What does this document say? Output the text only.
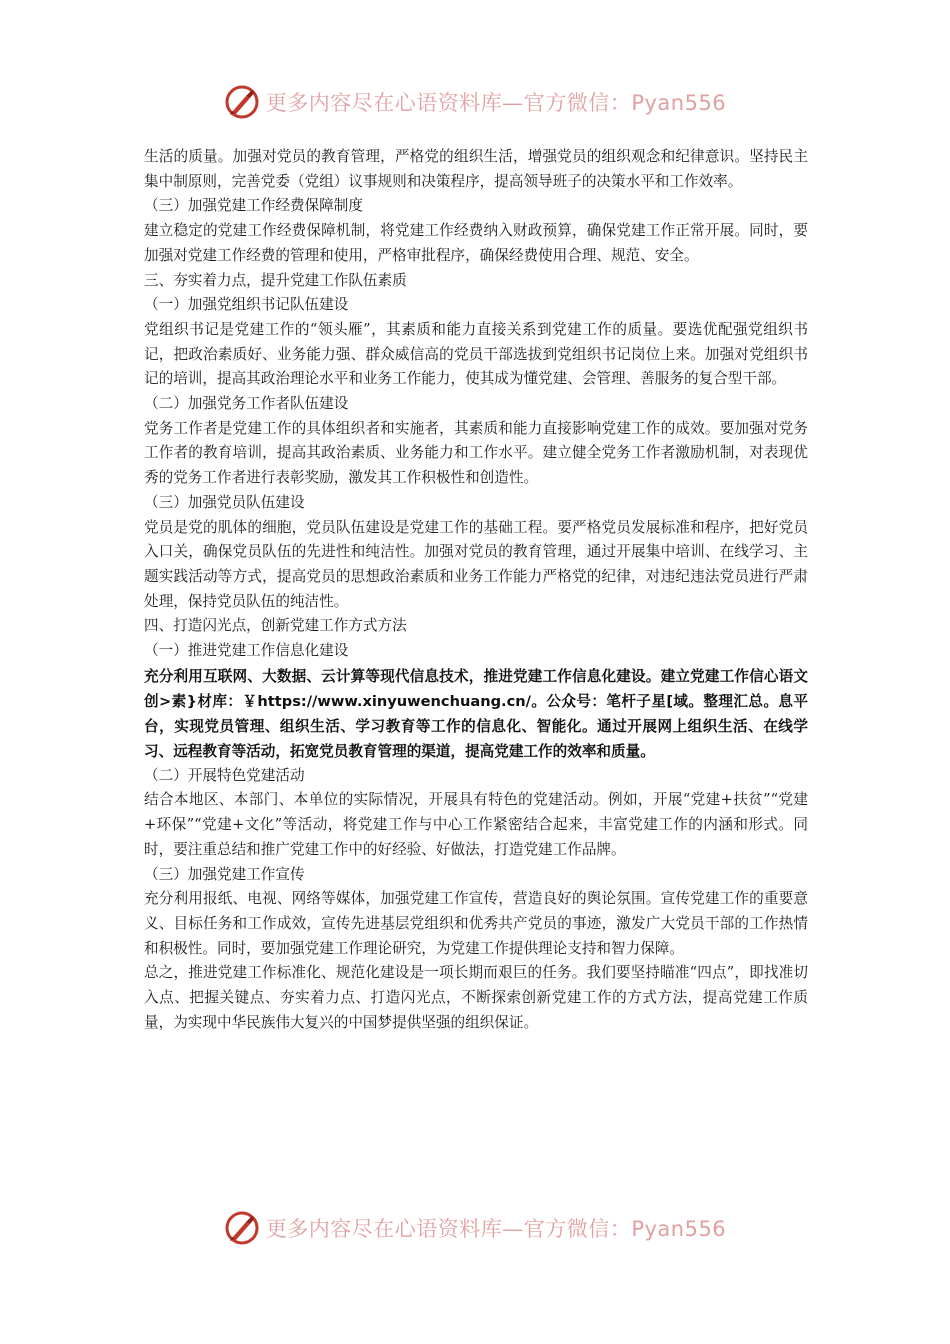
更多内容尽在心语资料库—官方微信：Pyan556

生活的质量。加强对党员的教育管理，严格党的组织生活，增强党员的组织观念和纪律意识。坚持民主集中制原则，完善党委（党组）议事规则和决策程序，提高领导班子的决策水平和工作效率。

（三）加强党建工作经费保障制度

建立稳定的党建工作经费保障机制，将党建工作经费纳入财政预算，确保党建工作正常开展。同时，要加强对党建工作经费的管理和使用，严格审批程序，确保经费使用合理、规范、安全。

三、夯实着力点，提升党建工作队伍素质

（一）加强党组织书记队伍建设

党组织书记是党建工作的“领头雁”，其素质和能力直接关系到党建工作的质量。要选优配强党组织书记，把政治素质好、业务能力强、群众威信高的党员干部选拔到党组织书记岗位上来。加强对党组织书记的培训，提高其政治理论水平和业务工作能力，使其成为懂党建、会管理、善服务的复合型干部。

（二）加强党务工作者队伍建设

党务工作者是党建工作的具体组织者和实施者，其素质和能力直接影响党建工作的成效。要加强对党务工作者的教育培训，提高其政治素质、业务能力和工作水平。建立健全党务工作者激励机制，对表现优秀的党务工作者进行表彰奖励，激发其工作积极性和创造性。

（三）加强党员队伍建设

党员是党的肌体的细胞，党员队伍建设是党建工作的基础工程。要严格党员发展标准和程序，把好党员入口关，确保党员队伍的先进性和纯洁性。加强对党员的教育管理，通过开展集中培训、在线学习、主题实践活动等方式，提高党员的思想政治素质和业务工作能力严格党的纪律，对违纪违法党员进行严肃处理，保持党员队伍的纯洁性。

四、打造闪光点，创新党建工作方式方法

（一）推进党建工作信息化建设

充分利用互联网、大数据、云计算等现代信息技术，推进党建工作信息化建设。建立党建工作信心语文创>素}材库：￥https://www.xinyuwenchuang.cn/。公众号：笔杆子星[域。整理汇总。息平台，实现党员管理、组织生活、学习教育等工作的信息化、智能化。通过开展网上组织生活、在线学习、远程教育等活动，拓宽党员教育管理的渠道，提高党建工作的效率和质量。

（二）开展特色党建活动

结合本地区、本部门、本单位的实际情况，开展具有特色的党建活动。例如，开展“党建+扶贫”“党建+环保”“党建+文化”等活动，将党建工作与中心工作紧密结合起来，丰富党建工作的内涵和形式。同时，要注重总结和推广党建工作中的好经验、好做法，打造党建工作品牌。

（三）加强党建工作宣传

充分利用报纸、电视、网络等媒体，加强党建工作宣传，营造良好的舆论氛围。宣传党建工作的重要意义、目标任务和工作成效，宣传先进基层党组织和优秀共产党员的事迹，激发广大党员干部的工作热情和积极性。同时，要加强党建工作理论研究，为党建工作提供理论支持和智力保障。

总之，推进党建工作标准化、规范化建设是一项长期而艰巨的任务。我们要坚持瞄准“四点”，即找准切入点、把握关键点、夯实着力点、打造闪光点，不断探索创新党建工作的方式方法，提高党建工作质量，为实现中华民族伟大复兴的中国梦提供坚强的组织保证。

更多内容尽在心语资料库—官方微信：Pyan556
